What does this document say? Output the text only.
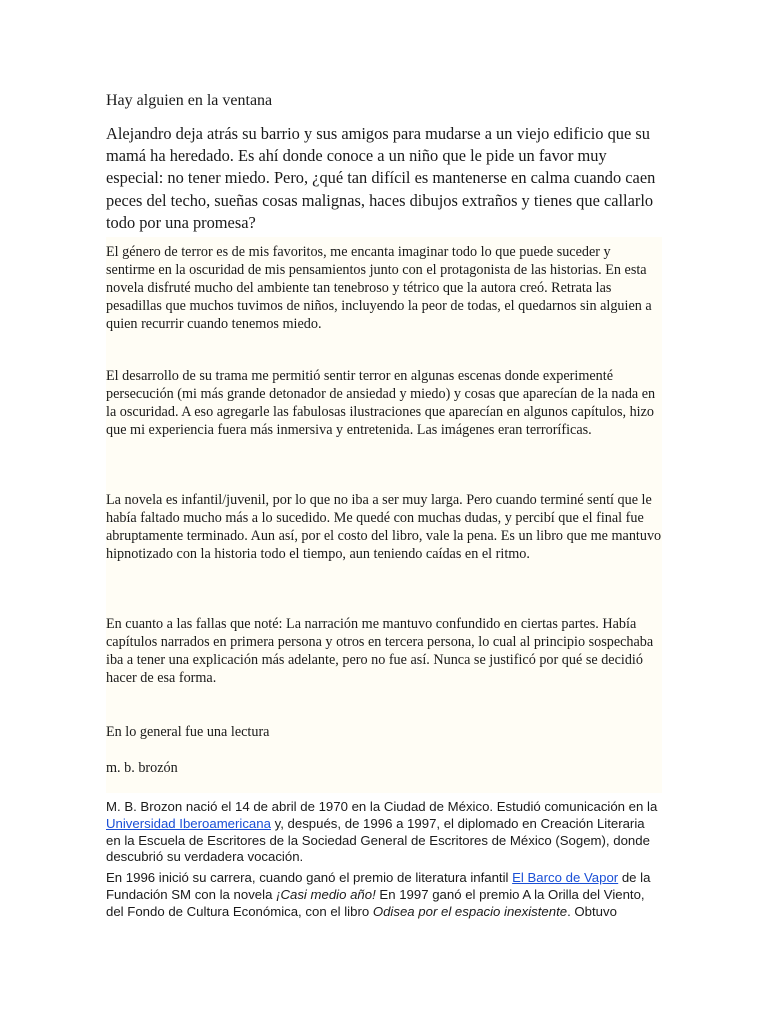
Hay alguien en la ventana

Alejandro deja atrás su barrio y sus amigos para mudarse a un viejo edificio que su mamá ha heredado. Es ahí donde conoce a un niño que le pide un favor muy especial: no tener miedo. Pero, ¿qué tan difícil es mantenerse en calma cuando caen peces del techo, sueñas cosas malignas, haces dibujos extraños y tienes que callarlo todo por una promesa?

El género de terror es de mis favoritos, me encanta imaginar todo lo que puede suceder y sentirme en la oscuridad de mis pensamientos junto con el protagonista de las historias. En esta novela disfruté mucho del ambiente tan tenebroso y tétrico que la autora creó. Retrata las pesadillas que muchos tuvimos de niños, incluyendo la peor de todas, el quedarnos sin alguien a quien recurrir cuando tenemos miedo.

El desarrollo de su trama me permitió sentir terror en algunas escenas donde experimenté persecución (mi más grande detonador de ansiedad y miedo) y cosas que aparecían de la nada en la oscuridad. A eso agregarle las fabulosas ilustraciones que aparecían en algunos capítulos, hizo que mi experiencia fuera más inmersiva y entretenida. Las imágenes eran terroríficas.

La novela es infantil/juvenil, por lo que no iba a ser muy larga. Pero cuando terminé sentí que le había faltado mucho más a lo sucedido. Me quedé con muchas dudas, y percibí que el final fue abruptamente terminado. Aun así, por el costo del libro, vale la pena. Es un libro que me mantuvo hipnotizado con la historia todo el tiempo, aun teniendo caídas en el ritmo.

En cuanto a las fallas que noté: La narración me mantuvo confundido en ciertas partes. Había capítulos narrados en primera persona y otros en tercera persona, lo cual al principio sospechaba iba a tener una explicación más adelante, pero no fue así. Nunca se justificó por qué se decidió hacer de esa forma.

En lo general fue una lectura

m. b. brozón

M. B. Brozon nació el 14 de abril de 1970 en la Ciudad de México. Estudió comunicación en la Universidad Iberoamericana y, después, de 1996 a 1997, el diplomado en Creación Literaria en la Escuela de Escritores de la Sociedad General de Escritores de México (Sogem), donde descubrió su verdadera vocación.

En 1996 inició su carrera, cuando ganó el premio de literatura infantil El Barco de Vapor de la Fundación SM con la novela ¡Casi medio año! En 1997 ganó el premio A la Orilla del Viento, del Fondo de Cultura Económica, con el libro Odisea por el espacio inexistente. Obtuvo
